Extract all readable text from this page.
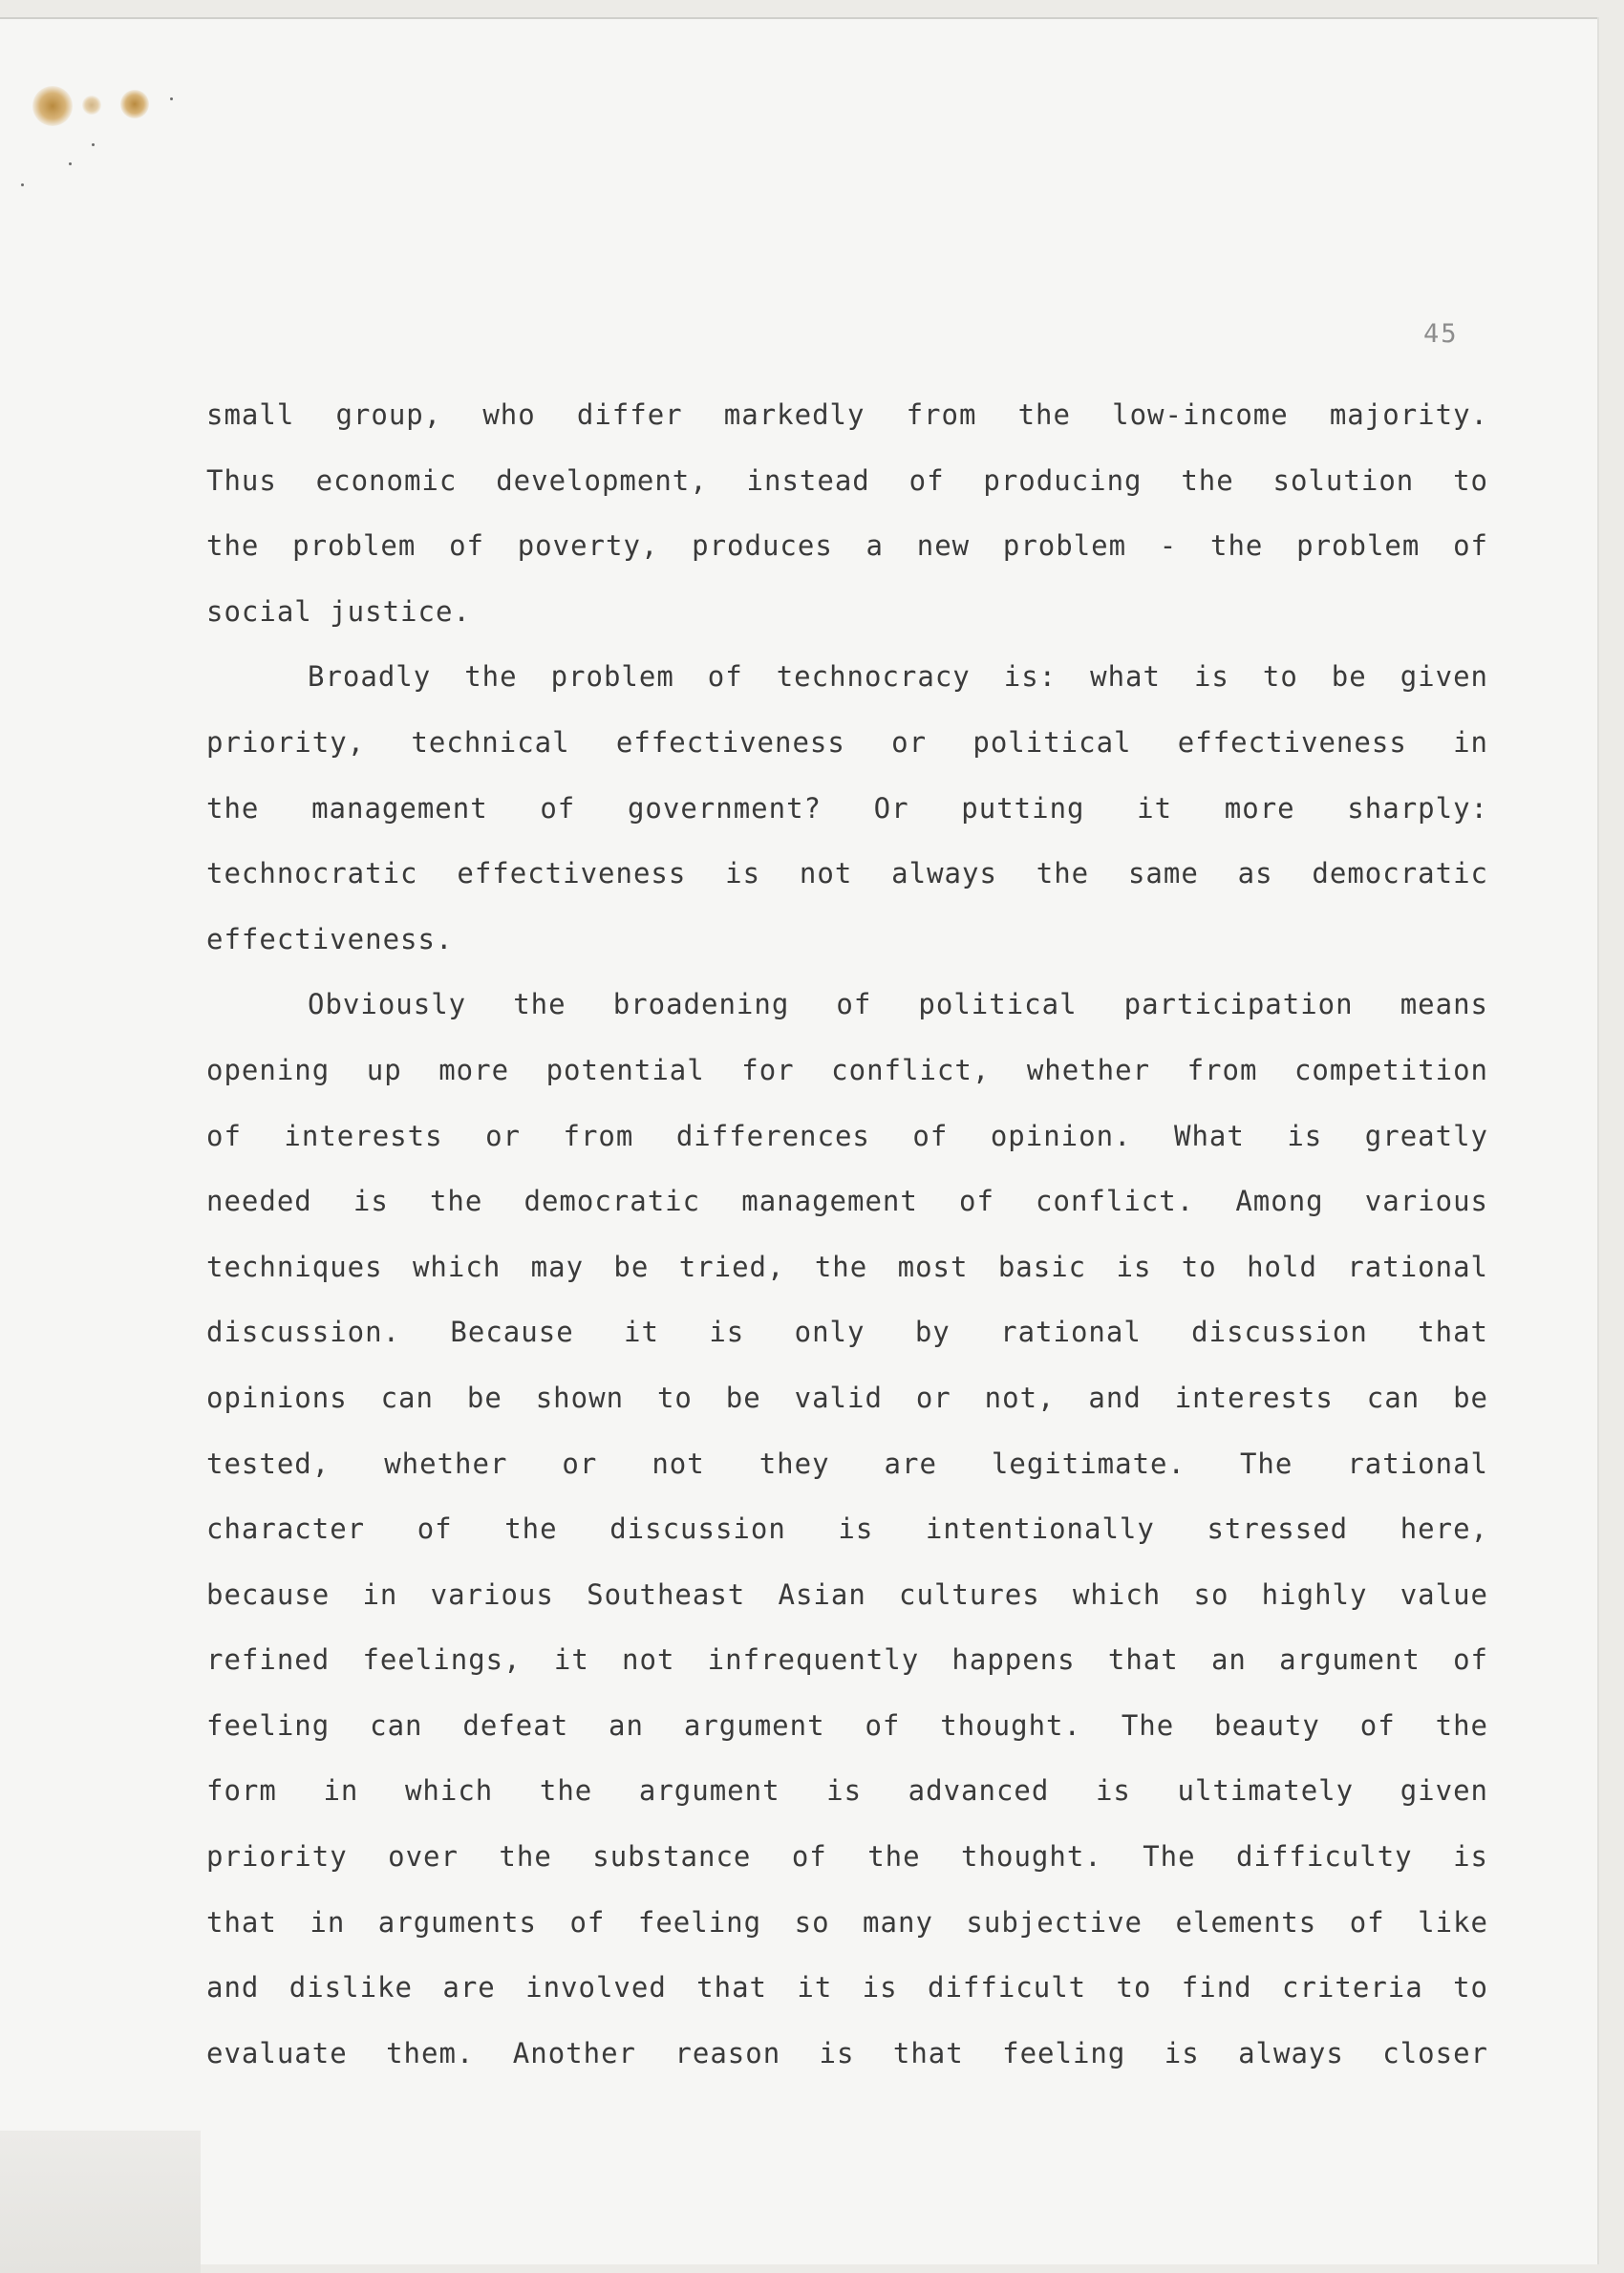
45
small group, who differ markedly from the low-income majority.
Thus economic development, instead of producing the solution to
the problem of poverty, produces a new problem - the problem of
social justice.
Broadly the problem of technocracy is: what is to be given
priority, technical effectiveness or political effectiveness in
the management of government? Or putting it more sharply:
technocratic effectiveness is not always the same as democratic
effectiveness.
Obviously the broadening of political participation means
opening up more potential for conflict, whether from competition
of interests or from differences of opinion. What is greatly
needed is the democratic management of conflict. Among various
techniques which may be tried, the most basic is to hold rational
discussion. Because it is only by rational discussion that
opinions can be shown to be valid or not, and interests can be
tested, whether or not they are legitimate. The rational
character of the discussion is intentionally stressed here,
because in various Southeast Asian cultures which so highly value
refined feelings, it not infrequently happens that an argument of
feeling can defeat an argument of thought. The beauty of the
form in which the argument is advanced is ultimately given
priority over the substance of the thought. The difficulty is
that in arguments of feeling so many subjective elements of like
and dislike are involved that it is difficult to find criteria to
evaluate them. Another reason is that feeling is always closer
